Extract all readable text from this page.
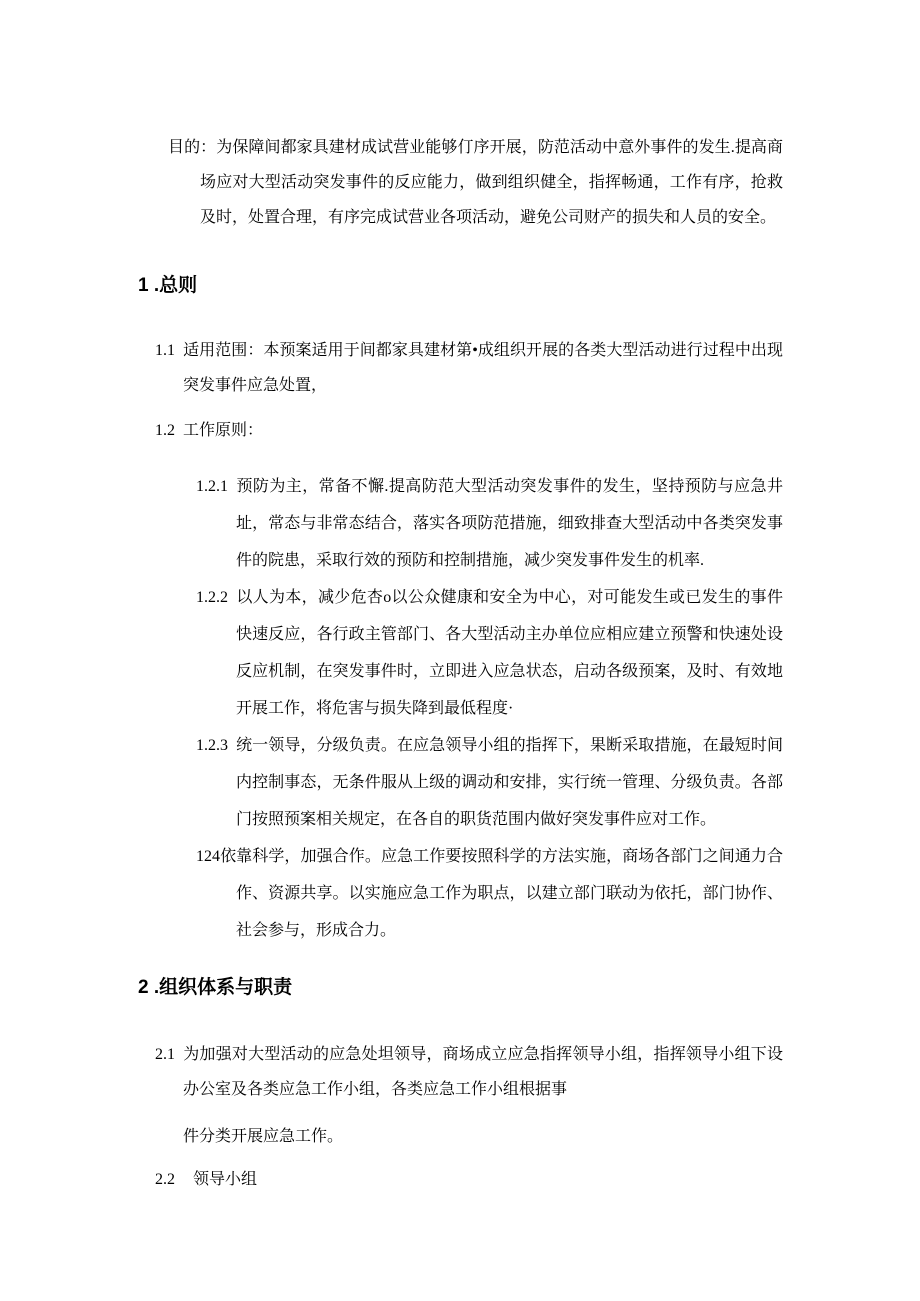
目的：为保障间都家具建材成试营业能够仃序开展，防范活动中意外事件的发生.提高商场应对大型活动突发事件的反应能力，做到组织健全，指挥畅通，工作有序，抢救及时，处置合理，有序完成试营业各项活动，避免公司财产的损失和人员的安全。

1 .总则

1.1 适用范围：本预案适用于间都家具建材第•成组织开展的各类大型活动进行过程中出现突发事件应急处置，

1.2 工作原则：

1.2.1 预防为主，常备不懈.提高防范大型活动突发事件的发生，坚持预防与应急井址，常态与非常态结合，落实各项防范措施，细致排查大型活动中各类突发事件的院患，采取行效的预防和控制措施，减少突发事件发生的机率.

1.2.2 以人为本，减少危杏o以公众健康和安全为中心，对可能发生或已发生的事件快速反应，各行政主管部门、各大型活动主办单位应相应建立预警和快速处设反应机制，在突发事件时，立即进入应急状态，启动各级预案，及时、有效地开展工作，将危害与损失降到最低程度·

1.2.3 统一领导，分级负责。在应急领导小组的指挥下，果断采取措施，在最短时间内控制事态，无条件服从上级的调动和安排，实行统一管理、分级负责。各部门按照预案相关规定，在各自的职货范围内做好突发事件应对工作。

124依靠科学，加强合作。应急工作要按照科学的方法实施，商场各部门之间通力合作、资源共享。以实施应急工作为职点，以建立部门联动为依托，部门协作、社会参与，形成合力。

2 .组织体系与职责

2.1 为加强对大型活动的应急处坦领导，商场成立应急指挥领导小组，指挥领导小组下设办公室及各类应急工作小组，各类应急工作小组根据事

件分类开展应急工作。

2.2 领导小组
